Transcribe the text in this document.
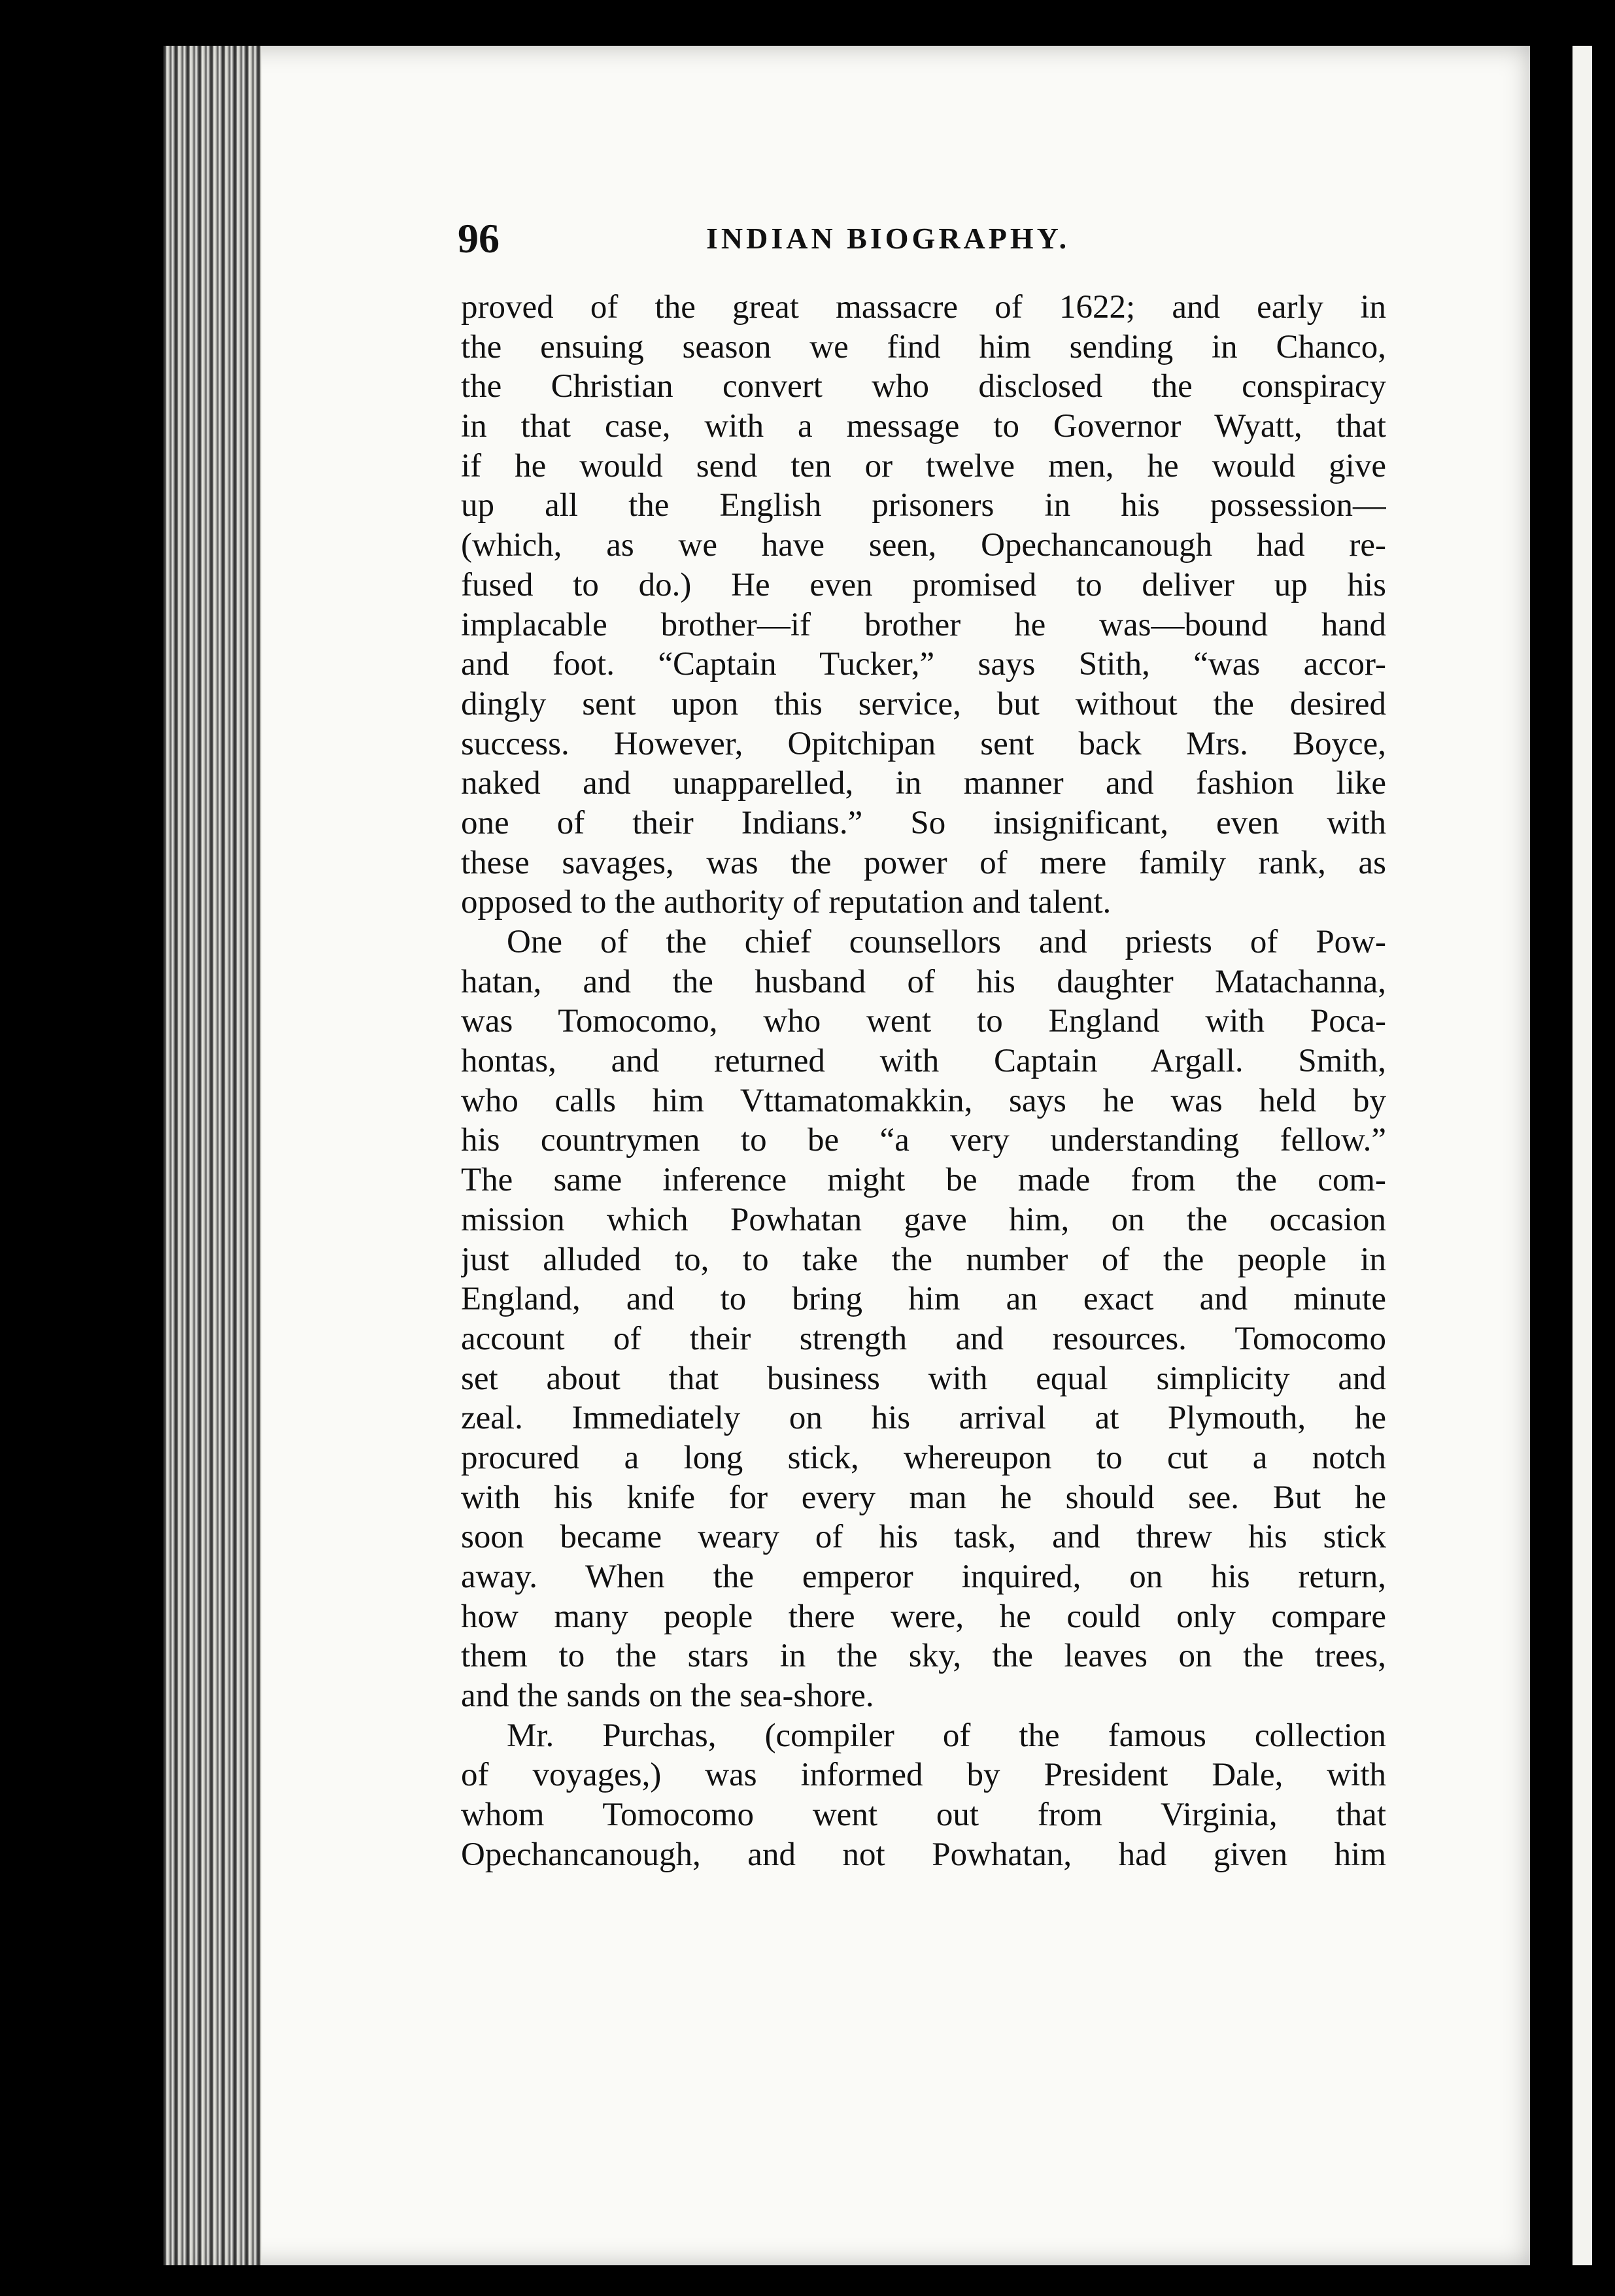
96	INDIAN BIOGRAPHY.
proved of the great massacre of 1622; and early in
the ensuing season we find him sending in Chanco,
the Christian convert who disclosed the conspiracy
in that case, with a message to Governor Wyatt, that
if he would send ten or twelve men, he would give
up all the English prisoners in his possession—
(which, as we have seen, Opechancanough had re-
fused to do.) He even promised to deliver up his
implacable brother—if brother he was—bound hand
and foot. “Captain Tucker,” says Stith, “was accor-
dingly sent upon this service, but without the desired
success. However, Opitchipan sent back Mrs. Boyce,
naked and unapparelled, in manner and fashion like
one of their Indians.” So insignificant, even with
these savages, was the power of mere family rank, as
opposed to the authority of reputation and talent.
One of the chief counsellors and priests of Pow-
hatan, and the husband of his daughter Matachanna,
was Tomocomo, who went to England with Poca-
hontas, and returned with Captain Argall. Smith,
who calls him Vttamatomakkin, says he was held by
his countrymen to be “a very understanding fellow.”
The same inference might be made from the com-
mission which Powhatan gave him, on the occasion
just alluded to, to take the number of the people in
England, and to bring him an exact and minute
account of their strength and resources. Tomocomo
set about that business with equal simplicity and
zeal. Immediately on his arrival at Plymouth, he
procured a long stick, whereupon to cut a notch
with his knife for every man he should see. But he
soon became weary of his task, and threw his stick
away. When the emperor inquired, on his return,
how many people there were, he could only compare
them to the stars in the sky, the leaves on the trees,
and the sands on the sea-shore.
Mr. Purchas, (compiler of the famous collection
of voyages,) was informed by President Dale, with
whom Tomocomo went out from Virginia, that
Opechancanough, and not Powhatan, had given him
